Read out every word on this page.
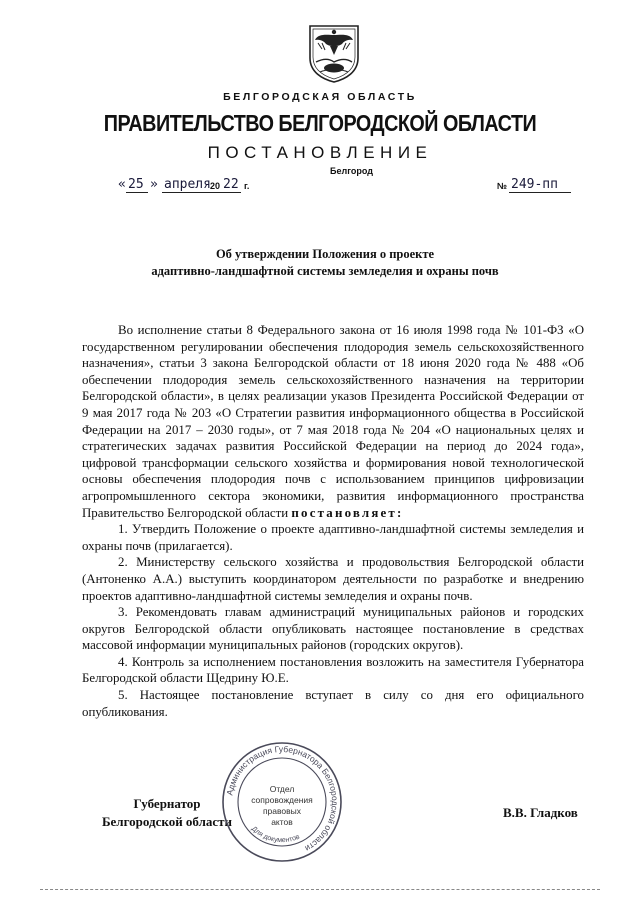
БЕЛГОРОДСКАЯ ОБЛАСТЬ
ПРАВИТЕЛЬСТВО БЕЛГОРОДСКОЙ ОБЛАСТИ
ПОСТАНОВЛЕНИЕ
Белгород
« 25 » апреля 20 22 г.	№ 249-пп
Об утверждении Положения о проекте
адаптивно-ландшафтной системы земледелия и охраны почв

Во исполнение статьи 8 Федерального закона от 16 июля 1998 года № 101-ФЗ «О государственном регулировании обеспечения плодородия земель сельскохозяйственного назначения», статьи 3 закона Белгородской области от 18 июня 2020 года № 488 «Об обеспечении плодородия земель сельскохозяйственного назначения на территории Белгородской области», в целях реализации указов Президента Российской Федерации от 9 мая 2017 года № 203 «О Стратегии развития информационного общества в Российской Федерации на 2017 – 2030 годы», от 7 мая 2018 года № 204 «О национальных целях и стратегических задачах развития Российской Федерации на период до 2024 года», цифровой трансформации сельского хозяйства и формирования новой технологической основы обеспечения плодородия почв с использованием принципов цифровизации агропромышленного сектора экономики, развития информационного пространства Правительство Белгородской области постановляет:

1. Утвердить Положение о проекте адаптивно-ландшафтной системы земледелия и охраны почв (прилагается).

2. Министерству сельского хозяйства и продовольствия Белгородской области (Антоненко А.А.) выступить координатором деятельности по разработке и внедрению проектов адаптивно-ландшафтной системы земледелия и охраны почв.

3. Рекомендовать главам администраций муниципальных районов и городских округов Белгородской области опубликовать настоящее постановление в средствах массовой информации муниципальных районов (городских округов).

4. Контроль за исполнением постановления возложить на заместителя Губернатора Белгородской области Щедрину Ю.Е.

5. Настоящее постановление вступает в силу со дня его официального опубликования.

Губернатор
Белгородской области
В.В. Гладков
Администрация Губернатора Белгородской области
Для документов
Отдел
сопровождения
правовых
актов
